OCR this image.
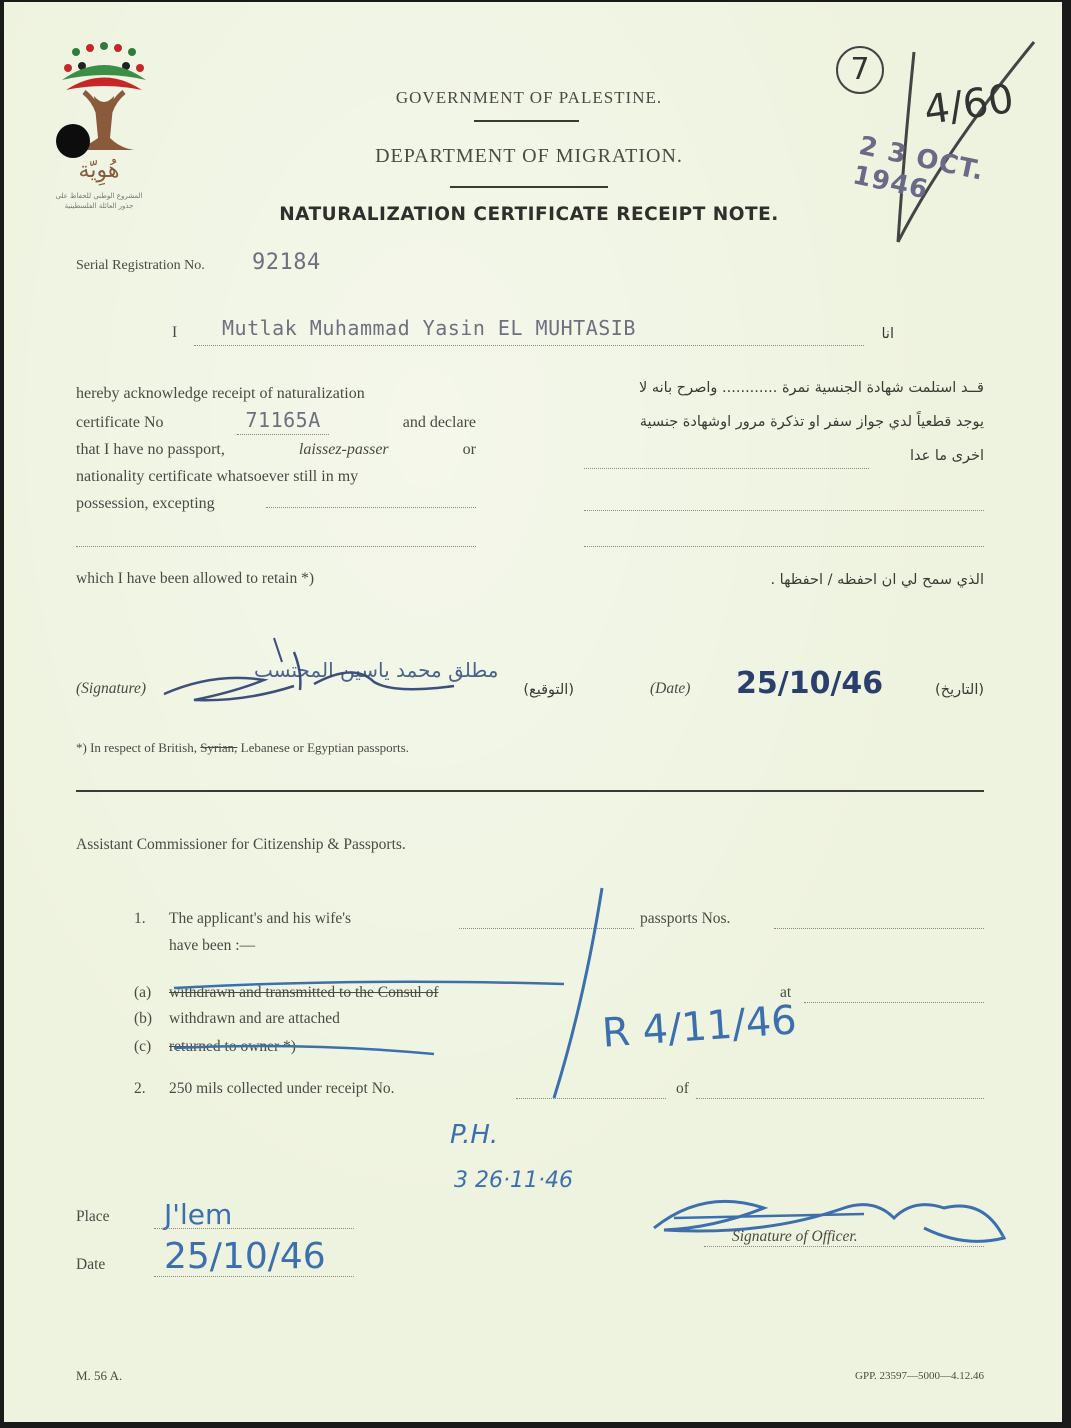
هُوِيّة
المشروع الوطني للحفاظ على
جذور العائلة الفلسطينية
GOVERNMENT OF PALESTINE.
DEPARTMENT OF MIGRATION.
NATURALIZATION CERTIFICATE RECEIPT NOTE.
7
4/60
2 3 OCT. 1946
Serial Registration No. 92184
I Mutlak Muhammad Yasin EL MUHTASIB	انا
hereby acknowledge receipt of naturalization
certificate No	71165A	and declare
that I have no passport,	laissez-passer	or
nationality certificate whatsoever still in my
possession, excepting
قــد استلمت شهادة الجنسية نمرة ............ واصرح بانه لا
يوجد قطعياً لدي جواز سفر او تذكرة مرور اوشهادة جنسية
اخرى ما عدا
which I have been allowed to retain *)	الذي سمح لي ان احفظه / احفظها .
(Signature)
مطلق محمد ياسين المحتسب
(التوقيع)	(Date) 25/10/46	(التاريخ)
*) In respect of British, Syrian, Lebanese or Egyptian passports.
Assistant Commissioner for Citizenship & Passports.
1. The applicant's and his wife's	passports Nos.
have been :—
(a) withdrawn and transmitted to the Consul of	at
(b) withdrawn and are attached
(c) returned to owner *)	R 4/11/46
2. 250 mils collected under receipt No.	of
P.H.
3 26·11·46
Place J'lem
Date 25/10/46	Signature of Officer.
M. 56 A.	GPP. 23597—5000—4.12.46
